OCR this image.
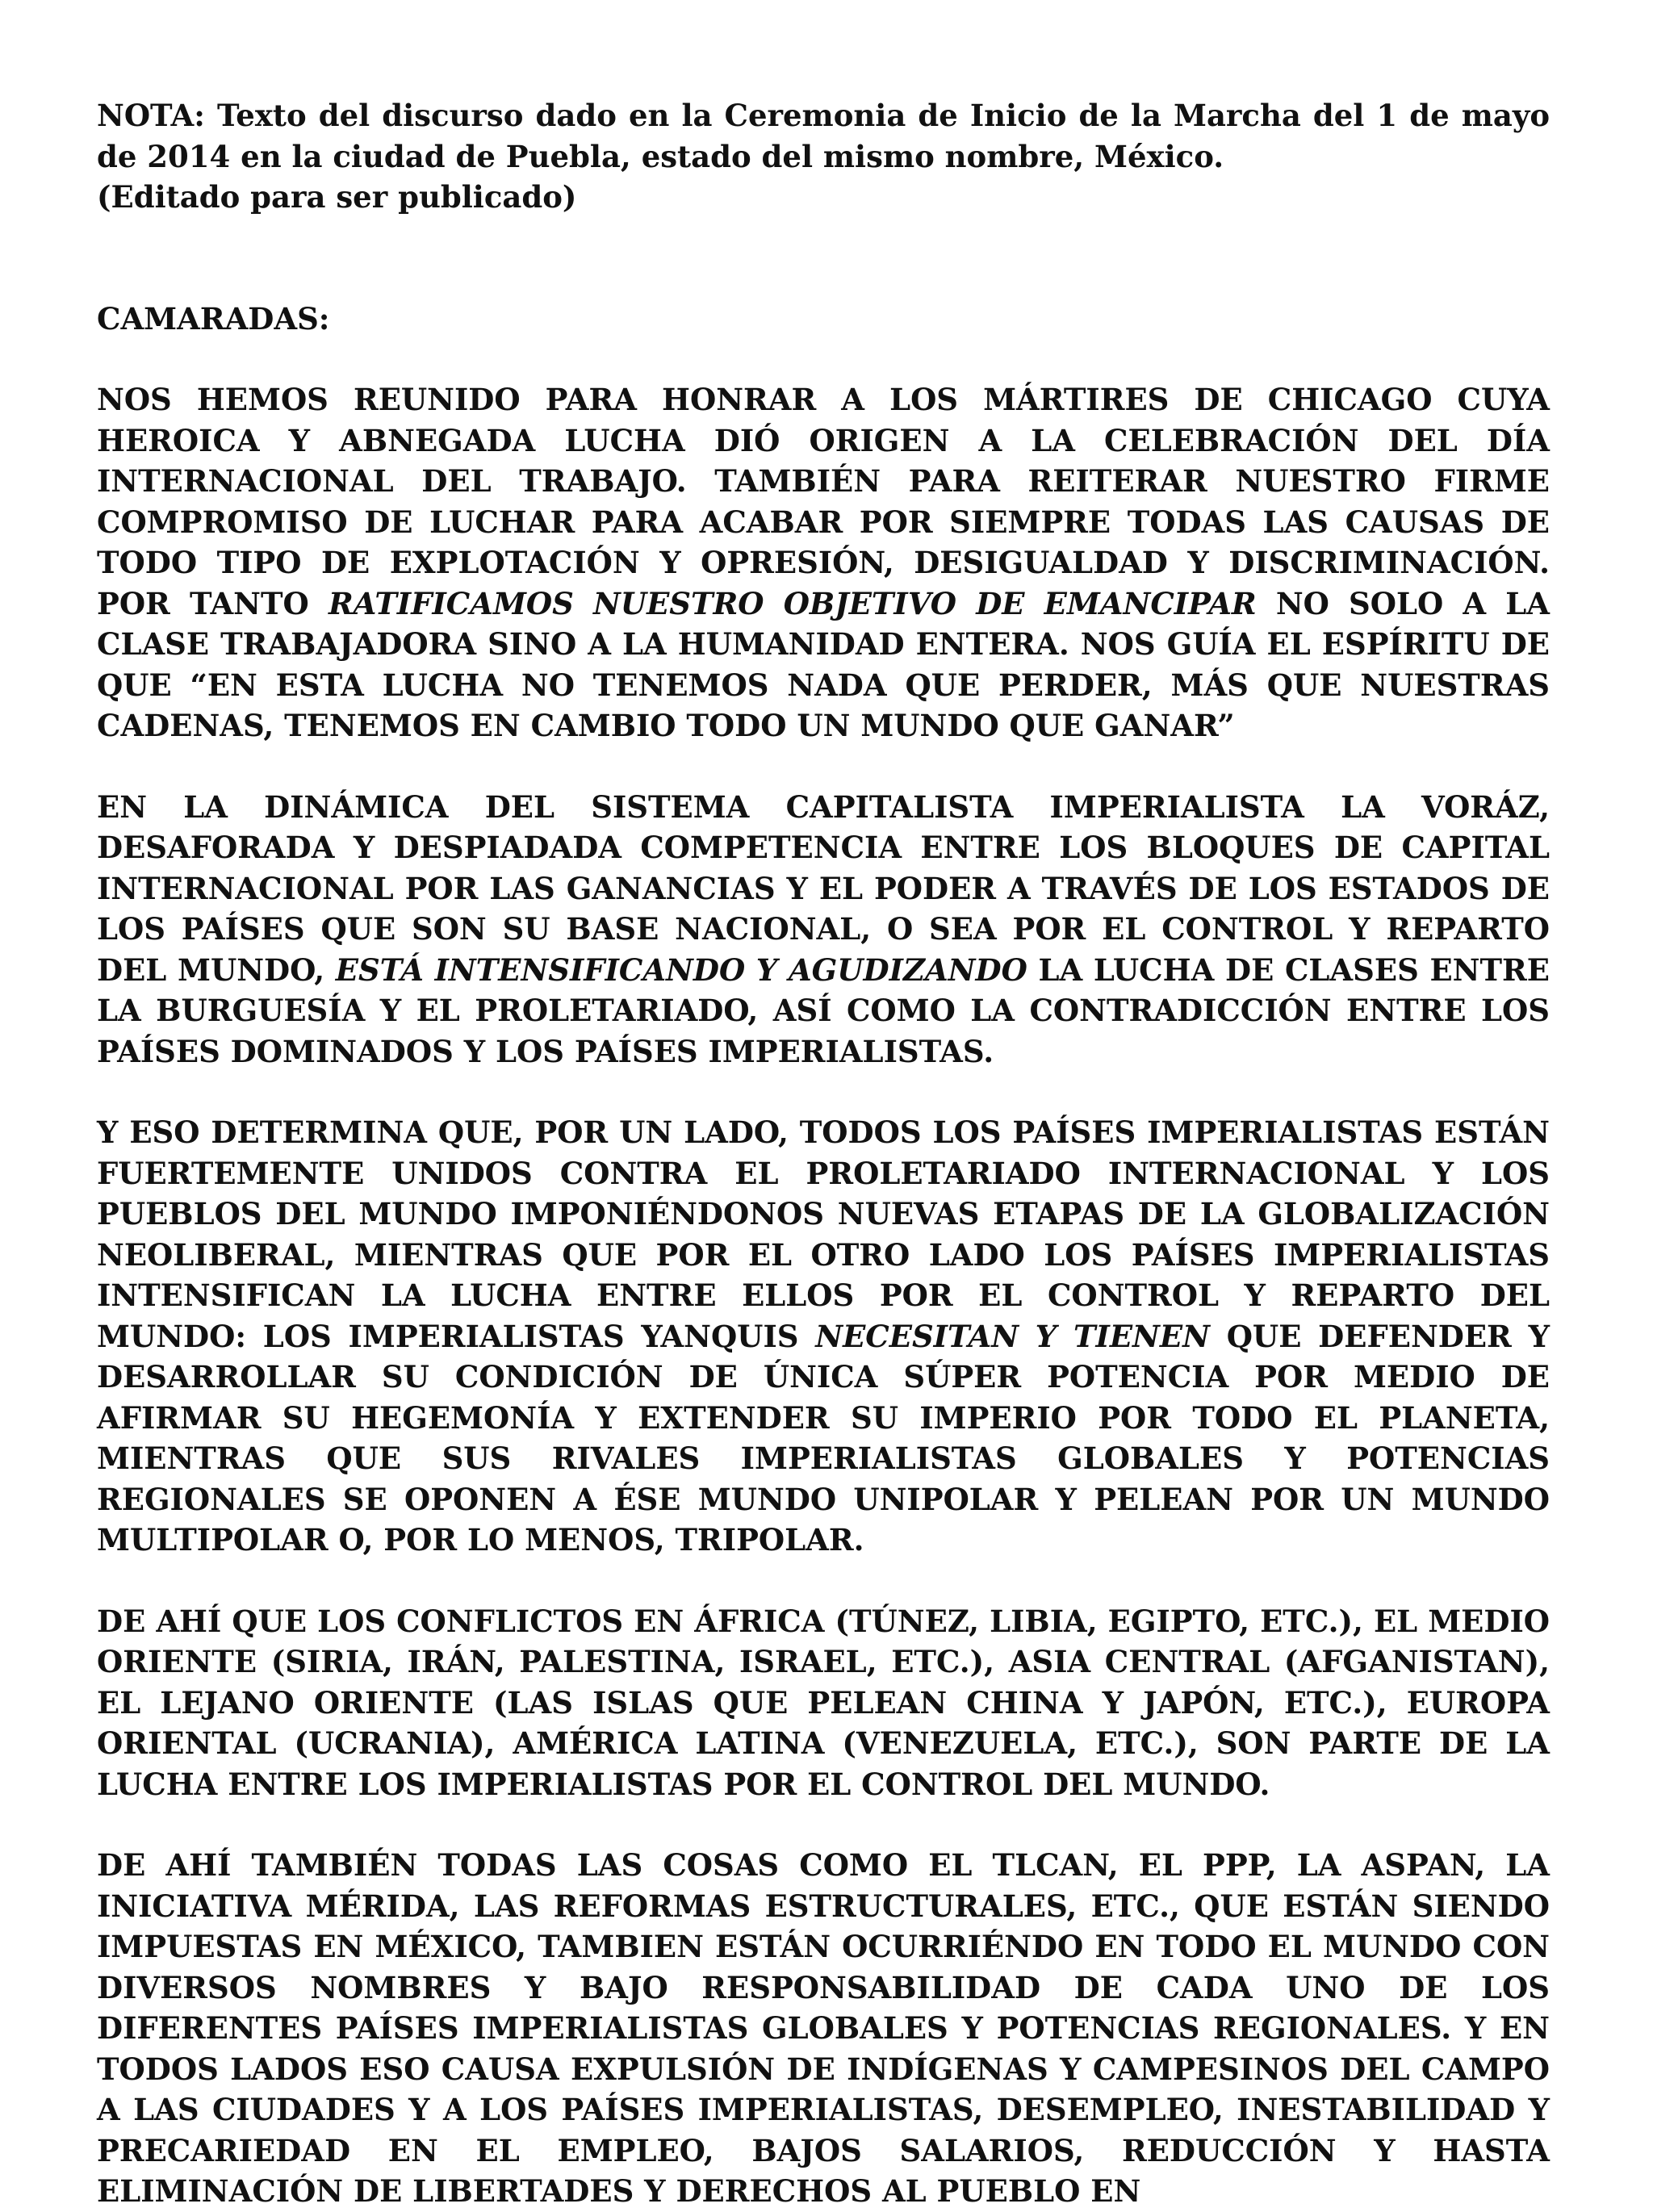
NOTA: Texto del discurso dado en la Ceremonia de Inicio de la Marcha del 1 de mayo de 2014 en la ciudad de Puebla, estado del mismo nombre, México.
(Editado para ser publicado)

CAMARADAS:

NOS HEMOS REUNIDO PARA HONRAR A LOS MÁRTIRES DE CHICAGO CUYA HEROICA Y ABNEGADA LUCHA DIÓ ORIGEN A LA CELEBRACIÓN DEL DÍA INTERNACIONAL DEL TRABAJO. TAMBIÉN PARA REITERAR NUESTRO FIRME COMPROMISO DE LUCHAR PARA ACABAR POR SIEMPRE TODAS LAS CAUSAS DE TODO TIPO DE EXPLOTACIÓN Y OPRESIÓN, DESIGUALDAD Y DISCRIMINACIÓN. POR TANTO RATIFICAMOS NUESTRO OBJETIVO DE EMANCIPAR NO SOLO A LA CLASE TRABAJADORA SINO A LA HUMANIDAD ENTERA. NOS GUÍA EL ESPÍRITU DE QUE “EN ESTA LUCHA NO TENEMOS NADA QUE PERDER, MÁS QUE NUESTRAS CADENAS, TENEMOS EN CAMBIO TODO UN MUNDO QUE GANAR”

EN LA DINÁMICA DEL SISTEMA CAPITALISTA IMPERIALISTA LA VORÁZ, DESAFORADA Y DESPIADADA COMPETENCIA ENTRE LOS BLOQUES DE CAPITAL INTERNACIONAL POR LAS GANANCIAS Y EL PODER A TRAVÉS DE LOS ESTADOS DE LOS PAÍSES QUE SON SU BASE NACIONAL, O SEA POR EL CONTROL Y REPARTO DEL MUNDO, ESTÁ INTENSIFICANDO Y AGUDIZANDO LA LUCHA DE CLASES ENTRE LA BURGUESÍA Y EL PROLETARIADO, ASÍ COMO LA CONTRADICCIÓN ENTRE LOS PAÍSES DOMINADOS Y LOS PAÍSES IMPERIALISTAS.

Y ESO DETERMINA QUE, POR UN LADO, TODOS LOS PAÍSES IMPERIALISTAS ESTÁN FUERTEMENTE UNIDOS CONTRA EL PROLETARIADO INTERNACIONAL Y LOS PUEBLOS DEL MUNDO IMPONIÉNDONOS NUEVAS ETAPAS DE LA GLOBALIZACIÓN NEOLIBERAL, MIENTRAS QUE POR EL OTRO LADO LOS PAÍSES IMPERIALISTAS INTENSIFICAN LA LUCHA ENTRE ELLOS POR EL CONTROL Y REPARTO DEL MUNDO: LOS IMPERIALISTAS YANQUIS NECESITAN Y TIENEN QUE DEFENDER Y DESARROLLAR SU CONDICIÓN DE ÚNICA SÚPER POTENCIA POR MEDIO DE AFIRMAR SU HEGEMONÍA Y EXTENDER SU IMPERIO POR TODO EL PLANETA, MIENTRAS QUE SUS RIVALES IMPERIALISTAS GLOBALES Y POTENCIAS REGIONALES SE OPONEN A ÉSE MUNDO UNIPOLAR Y PELEAN POR UN MUNDO MULTIPOLAR O, POR LO MENOS, TRIPOLAR.

DE AHÍ QUE LOS CONFLICTOS EN ÁFRICA (TÚNEZ, LIBIA, EGIPTO, ETC.), EL MEDIO ORIENTE (SIRIA, IRÁN, PALESTINA, ISRAEL, ETC.), ASIA CENTRAL (AFGANISTAN), EL LEJANO ORIENTE (LAS ISLAS QUE PELEAN CHINA Y JAPÓN, ETC.), EUROPA ORIENTAL (UCRANIA), AMÉRICA LATINA (VENEZUELA, ETC.), SON PARTE DE LA LUCHA ENTRE LOS IMPERIALISTAS POR EL CONTROL DEL MUNDO.

DE AHÍ TAMBIÉN TODAS LAS COSAS COMO EL TLCAN, EL PPP, LA ASPAN, LA INICIATIVA MÉRIDA, LAS REFORMAS ESTRUCTURALES, ETC., QUE ESTÁN SIENDO IMPUESTAS EN MÉXICO, TAMBIEN ESTÁN OCURRIÉNDO EN TODO EL MUNDO CON DIVERSOS NOMBRES Y BAJO RESPONSABILIDAD DE CADA UNO DE LOS DIFERENTES PAÍSES IMPERIALISTAS GLOBALES Y POTENCIAS REGIONALES. Y EN TODOS LADOS ESO CAUSA EXPULSIÓN DE INDÍGENAS Y CAMPESINOS DEL CAMPO A LAS CIUDADES Y A LOS PAÍSES IMPERIALISTAS, DESEMPLEO, INESTABILIDAD Y PRECARIEDAD EN EL EMPLEO, BAJOS SALARIOS, REDUCCIÓN Y HASTA ELIMINACIÓN DE LIBERTADES Y DERECHOS AL PUEBLO EN
